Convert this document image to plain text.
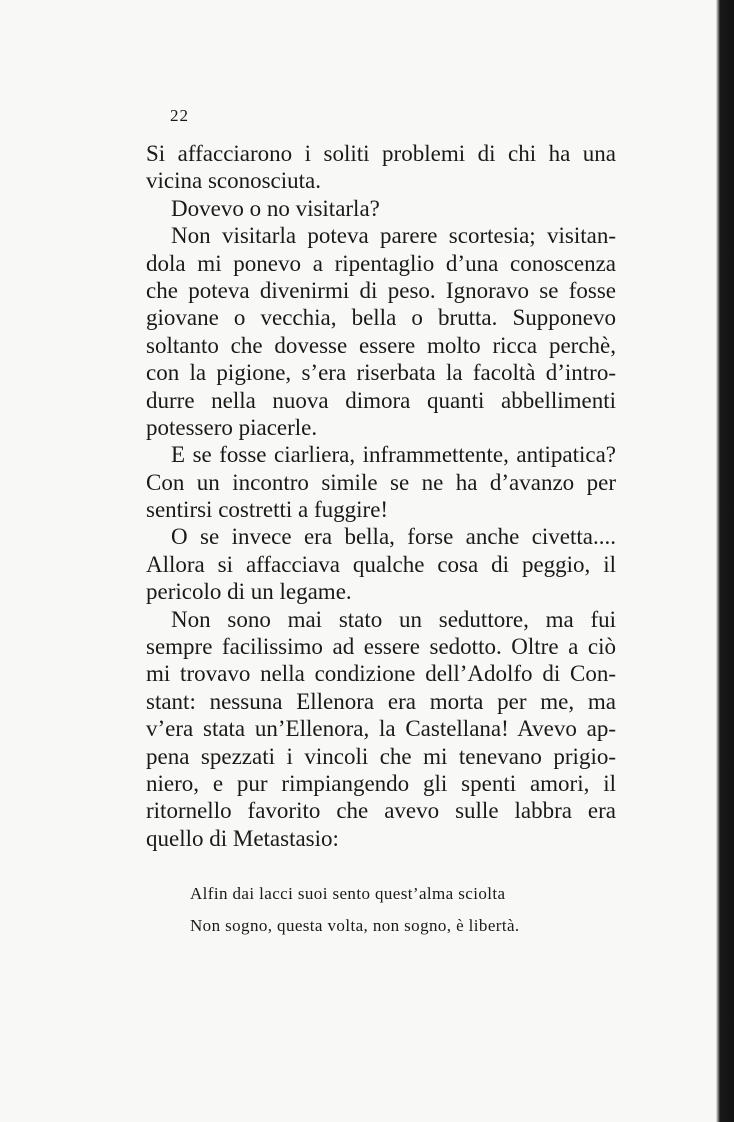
22
Si affacciarono i soliti problemi di chi ha una
vicina sconosciuta.
Dovevo o no visitarla?
Non visitarla poteva parere scortesia; visitan-
dola mi ponevo a ripentaglio d’una conoscenza
che poteva divenirmi di peso. Ignoravo se fosse
giovane o vecchia, bella o brutta. Supponevo
soltanto che dovesse essere molto ricca perchè,
con la pigione, s’era riserbata la facoltà d’intro-
durre nella nuova dimora quanti abbellimenti
potessero piacerle.
E se fosse ciarliera, inframmettente, antipatica?
Con un incontro simile se ne ha d’avanzo per
sentirsi costretti a fuggire!
O se invece era bella, forse anche civetta....
Allora si affacciava qualche cosa di peggio, il
pericolo di un legame.
Non sono mai stato un seduttore, ma fui
sempre facilissimo ad essere sedotto. Oltre a ciò
mi trovavo nella condizione dell’Adolfo di Con-
stant: nessuna Ellenora era morta per me, ma
v’era stata un’Ellenora, la Castellana! Avevo ap-
pena spezzati i vincoli che mi tenevano prigio-
niero, e pur rimpiangendo gli spenti amori, il
ritornello favorito che avevo sulle labbra era
quello di Metastasio:
Alfin dai lacci suoi sento quest’alma sciolta
Non sogno, questa volta, non sogno, è libertà.
